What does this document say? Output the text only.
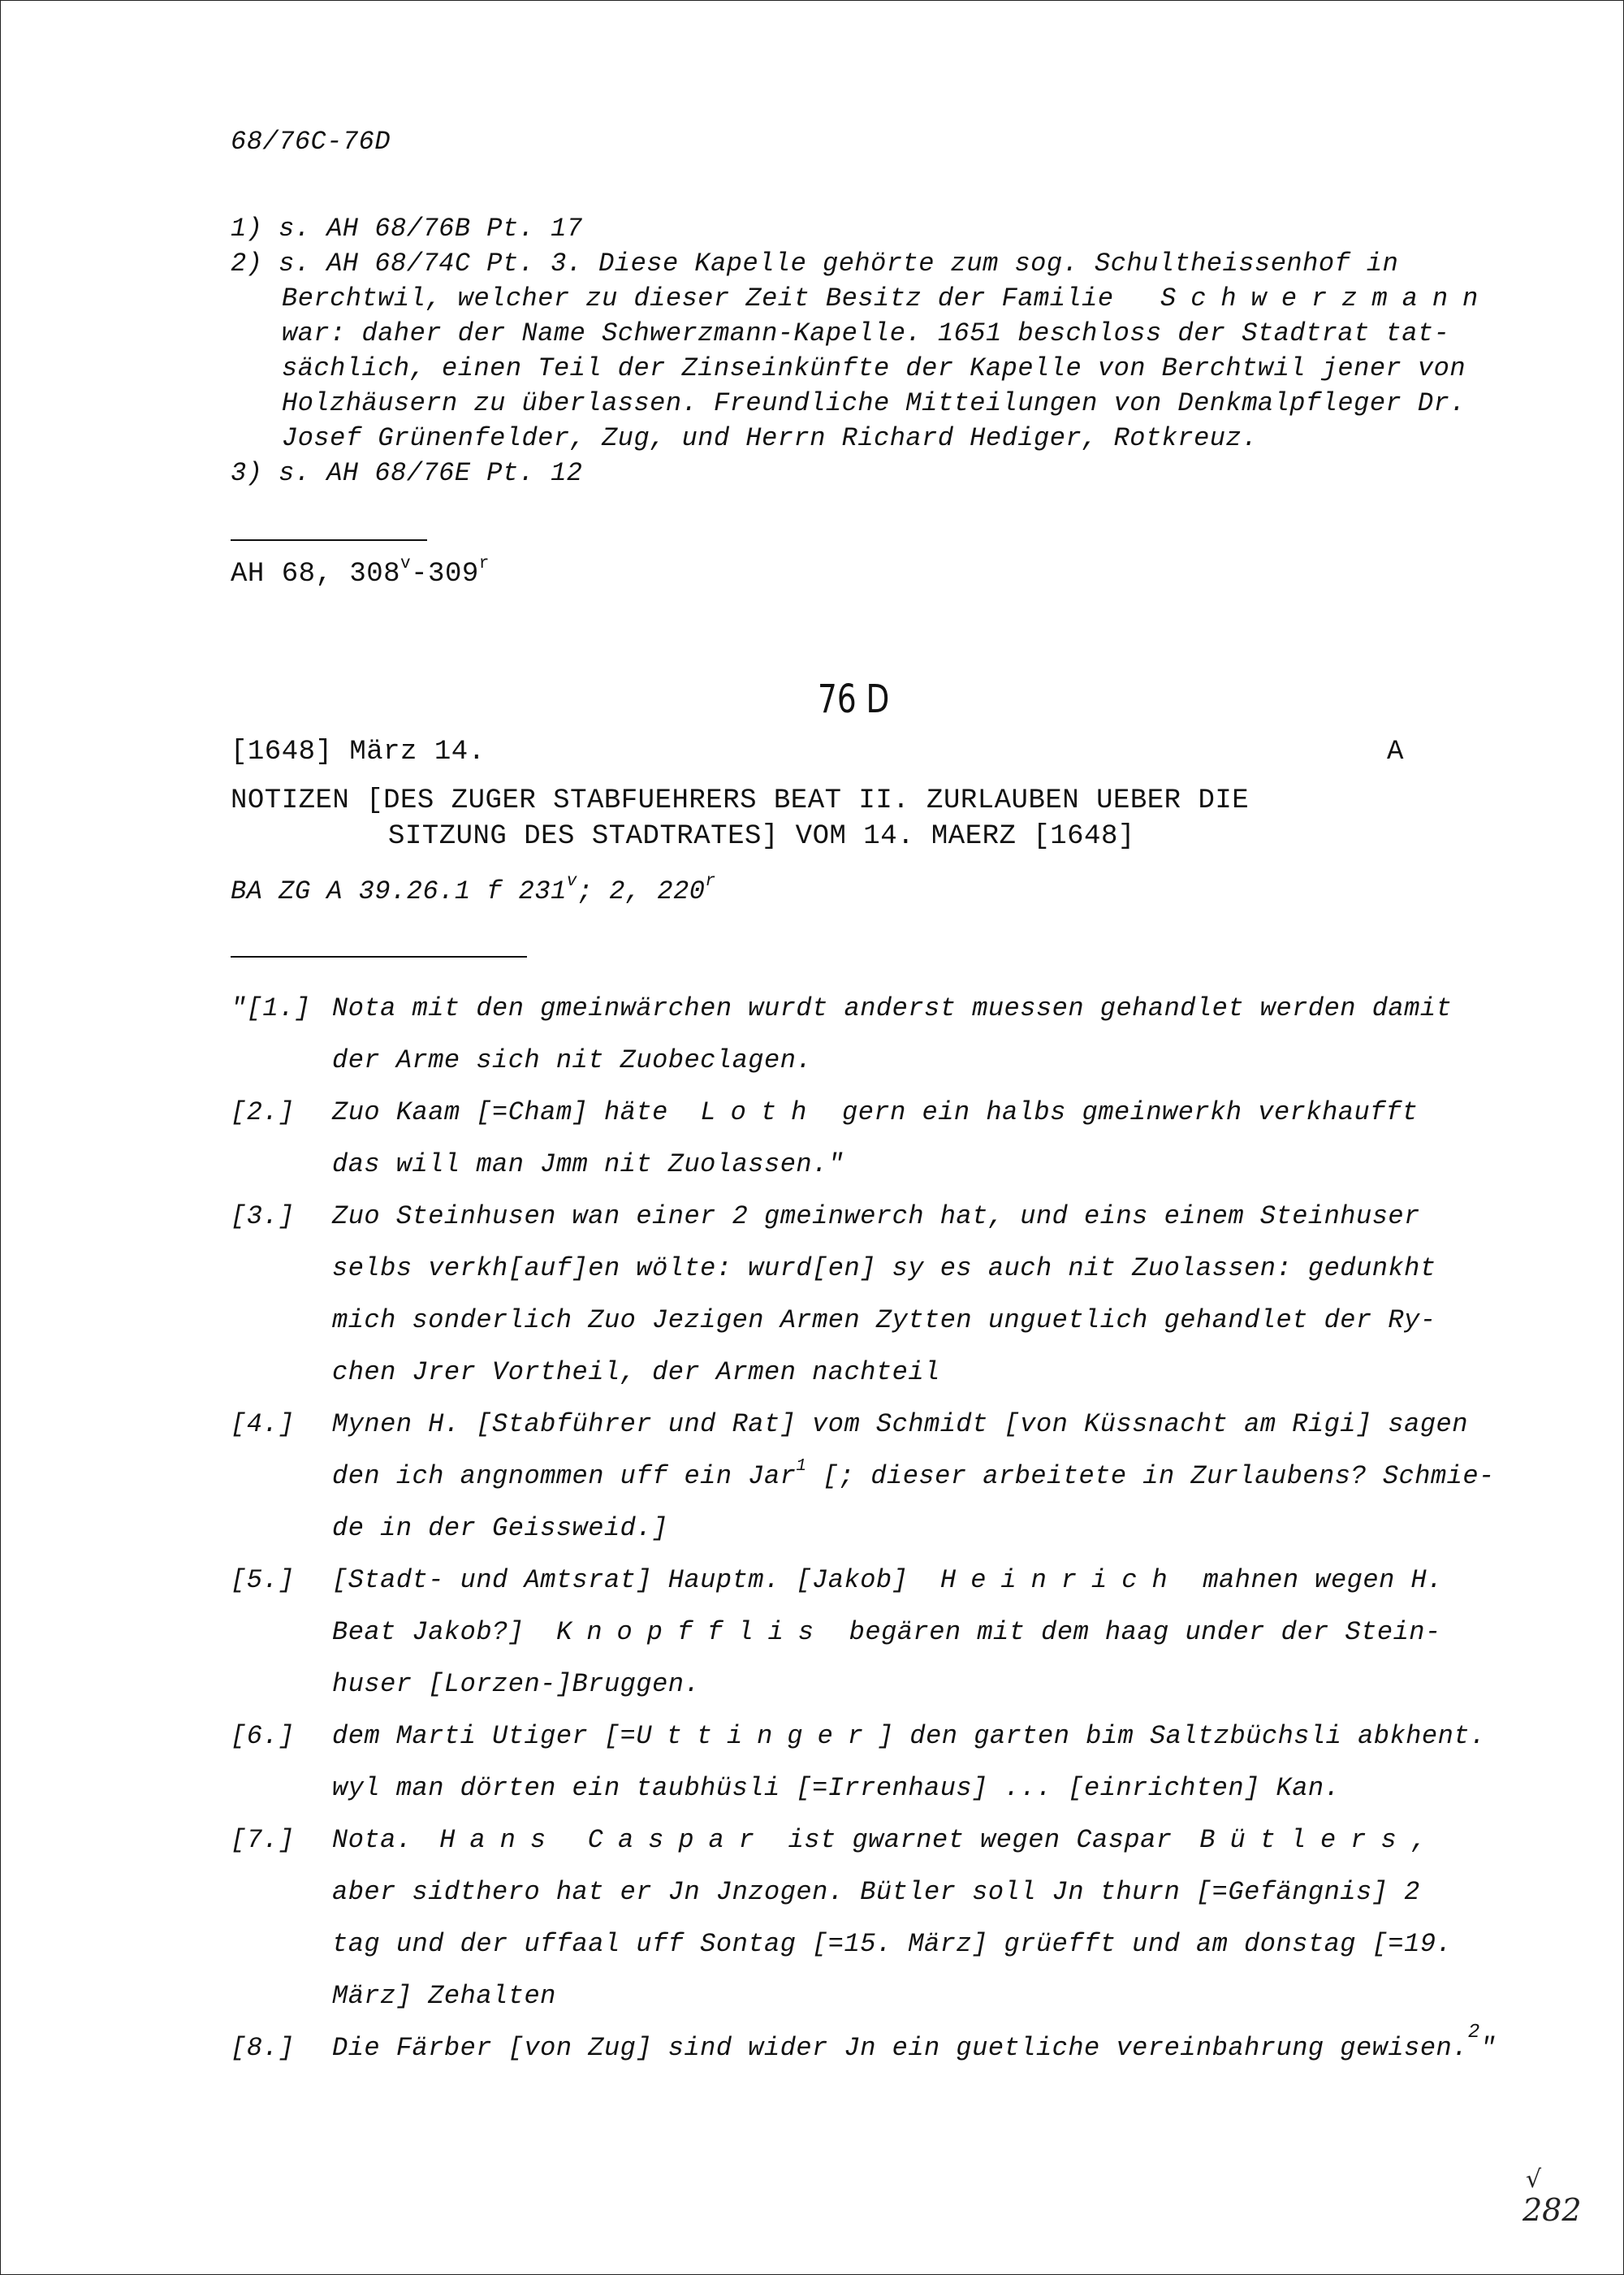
68/76C-76D
1) s. AH 68/76B Pt. 17
2) s. AH 68/74C Pt. 3. Diese Kapelle gehörte zum sog. Schultheissenhof in
Berchtwil, welcher zu dieser Zeit Besitz der Familie Schwerzmann
war: daher der Name Schwerzmann-Kapelle. 1651 beschloss der Stadtrat tat-
sächlich, einen Teil der Zinseinkünfte der Kapelle von Berchtwil jener von
Holzhäusern zu überlassen. Freundliche Mitteilungen von Denkmalpfleger Dr.
Josef Grünenfelder, Zug, und Herrn Richard Hediger, Rotkreuz.
3) s. AH 68/76E Pt. 12
AH 68, 308$^v$-309$^r$
76 D
[1648] März 14.	A
NOTIZEN [DES ZUGER STABFUEHRERS BEAT II. ZURLAUBEN UEBER DIE
SITZUNG DES STADTRATES] VOM 14. MAERZ [1648]
BA ZG A 39.26.1 f 231$^v$; 2, 220$^r$
"[1.] Nota mit den gmeinwärchen wurdt anderst muessen gehandlet werden damit
der Arme sich nit Zuobeclagen.
[2.] Zuo Kaam [=Cham] häte Loth gern ein halbs gmeinwerkh verkhaufft
das will man Jmm nit Zuolassen."
[3.] Zuo Steinhusen wan einer 2 gmeinwerch hat, und eins einem Steinhuser
selbs verkh[auf]en wölte: wurd[en] sy es auch nit Zuolassen: gedunkht
mich sonderlich Zuo Jezigen Armen Zytten unguetlich gehandlet der Ry-
chen Jrer Vortheil, der Armen nachteil
[4.] Mynen H. [Stabführer und Rat] vom Schmidt [von Küssnacht am Rigi] sagen
den ich angnommen uff ein Jar$^1$ [; dieser arbeitete in Zurlaubens? Schmie-
de in der Geissweid.]
[5.] [Stadt- und Amtsrat] Hauptm. [Jakob] Heinrich mahnen wegen H.
Beat Jakob?] Knopfflis begären mit dem haag under der Stein-
huser [Lorzen-]Bruggen.
[6.] dem Marti Utiger [=Uttinger] den garten bim Saltzbüchsli abkhent.
wyl man dörten ein taubhüsli [=Irrenhaus] ... [einrichten] Kan.
[7.] Nota. Hans Caspar ist gwarnet wegen Caspar Bütlers,
aber sidthero hat er Jn Jnzogen. Bütler soll Jn thurn [=Gefängnis] 2
tag und der uffaal uff Sontag [=15. März] grüefft und am donstag [=19.
März] Zehalten
[8.] Die Färber [von Zug] sind wider Jn ein guetliche vereinbahrung gewisen.$^2$"
√
282
